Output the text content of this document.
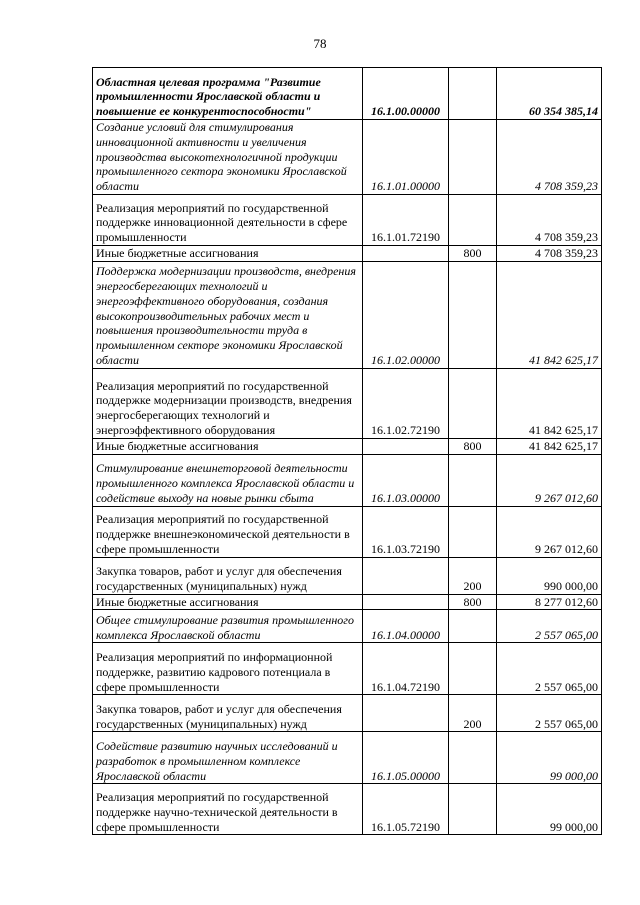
78
Областная целевая программа "Развитие промышленности Ярославской области и повышение ее конкурентоспособности"	16.1.00.00000		60 354 385,14
Создание условий для стимулирования инновационной активности и увеличения производства высокотехнологичной продукции промышленного сектора экономики Ярославской области	16.1.01.00000		4 708 359,23
Реализация мероприятий по государственной поддержке инновационной деятельности в сфере промышленности	16.1.01.72190		4 708 359,23
Иные бюджетные ассигнования		800	4 708 359,23
Поддержка модернизации производств, внедрения энергосберегающих технологий и энергоэффективного оборудования, создания высокопроизводительных рабочих мест и повышения производительности труда в промышленном секторе экономики Ярославской области	16.1.02.00000		41 842 625,17
Реализация мероприятий по государственной поддержке модернизации производств, внедрения энергосберегающих технологий и энергоэффективного оборудования	16.1.02.72190		41 842 625,17
Иные бюджетные ассигнования		800	41 842 625,17
Стимулирование внешнеторговой деятельности промышленного комплекса Ярославской области и содействие выходу на новые рынки сбыта	16.1.03.00000		9 267 012,60
Реализация мероприятий по государственной поддержке внешнеэкономической деятельности в сфере промышленности	16.1.03.72190		9 267 012,60
Закупка товаров, работ и услуг для обеспечения государственных (муниципальных) нужд		200	990 000,00
Иные бюджетные ассигнования		800	8 277 012,60
Общее стимулирование развития промышленного комплекса Ярославской области	16.1.04.00000		2 557 065,00
Реализация мероприятий по информационной поддержке, развитию кадрового потенциала в сфере промышленности	16.1.04.72190		2 557 065,00
Закупка товаров, работ и услуг для обеспечения государственных (муниципальных) нужд		200	2 557 065,00
Содействие развитию научных исследований и разработок в промышленном комплексе Ярославской области	16.1.05.00000		99 000,00
Реализация мероприятий по государственной поддержке научно-технической деятельности в сфере промышленности	16.1.05.72190		99 000,00
